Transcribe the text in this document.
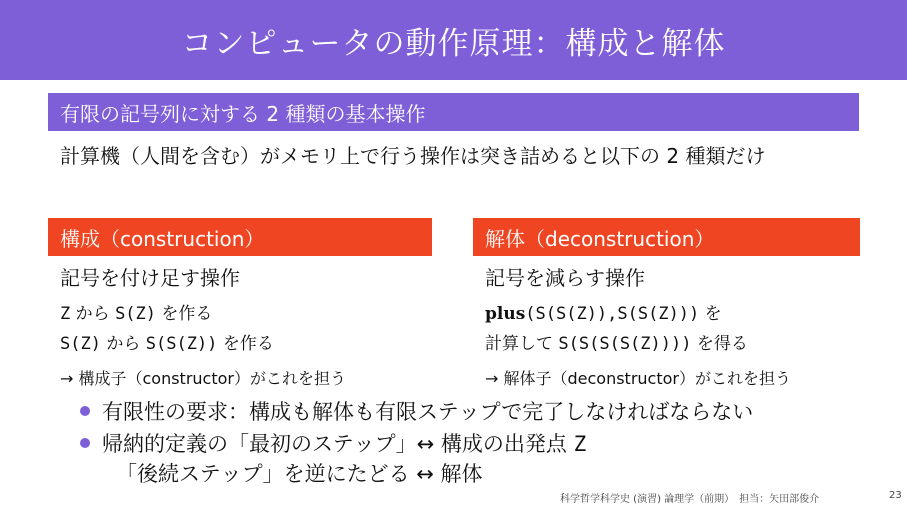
コンピュータの動作原理：構成と解体
有限の記号列に対する 2 種類の基本操作
計算機（人間を含む）がメモリ上で行う操作は突き詰めると以下の 2 種類だけ
構成（construction）
記号を付け足す操作
Z から S(Z) を作る
S(Z) から S(S(Z)) を作る
→ 構成子（constructor）がこれを担う
解体（deconstruction）
記号を減らす操作
plus(S(S(Z)),S(S(Z))) を
計算して S(S(S(S(Z)))) を得る
→ 解体子（deconstructor）がこれを担う
有限性の要求：構成も解体も有限ステップで完了しなければならない
帰納的定義の「最初のステップ」↔ 構成の出発点 Z
「後続ステップ」を逆にたどる ↔ 解体
科学哲学科学史 (演習) 論理学（前期）　担当：矢田部俊介	23
